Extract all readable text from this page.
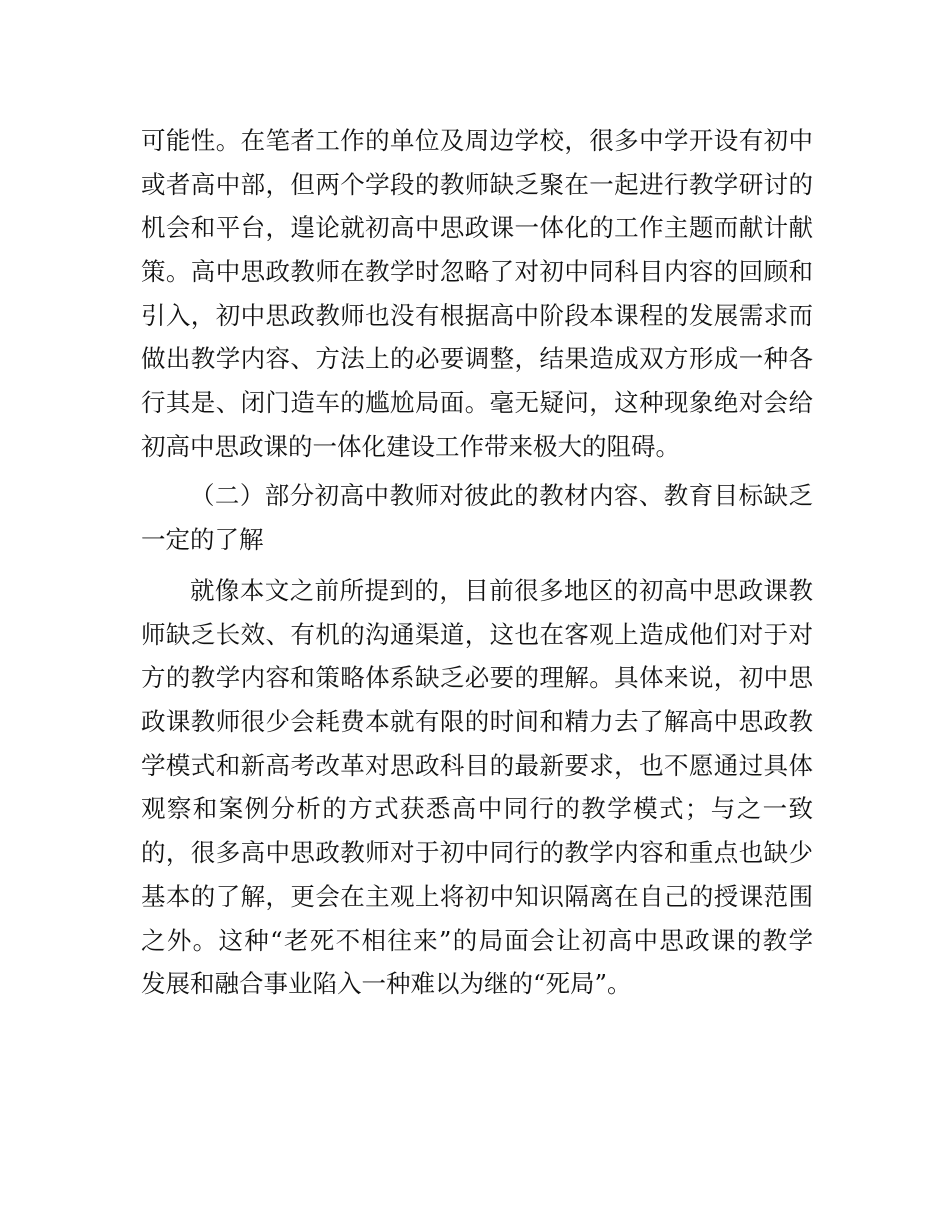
可能性。在笔者工作的单位及周边学校，很多中学开设有初中
或者高中部，但两个学段的教师缺乏聚在一起进行教学研讨的
机会和平台，遑论就初高中思政课一体化的工作主题而献计献
策。高中思政教师在教学时忽略了对初中同科目内容的回顾和
引入，初中思政教师也没有根据高中阶段本课程的发展需求而
做出教学内容、方法上的必要调整，结果造成双方形成一种各
行其是、闭门造车的尴尬局面。毫无疑问，这种现象绝对会给
初高中思政课的一体化建设工作带来极大的阻碍。
（二）部分初高中教师对彼此的教材内容、教育目标缺乏
一定的了解
就像本文之前所提到的，目前很多地区的初高中思政课教
师缺乏长效、有机的沟通渠道，这也在客观上造成他们对于对
方的教学内容和策略体系缺乏必要的理解。具体来说，初中思
政课教师很少会耗费本就有限的时间和精力去了解高中思政教
学模式和新高考改革对思政科目的最新要求，也不愿通过具体
观察和案例分析的方式获悉高中同行的教学模式；与之一致
的，很多高中思政教师对于初中同行的教学内容和重点也缺少
基本的了解，更会在主观上将初中知识隔离在自己的授课范围
之外。这种“老死不相往来”的局面会让初高中思政课的教学
发展和融合事业陷入一种难以为继的“死局”。
